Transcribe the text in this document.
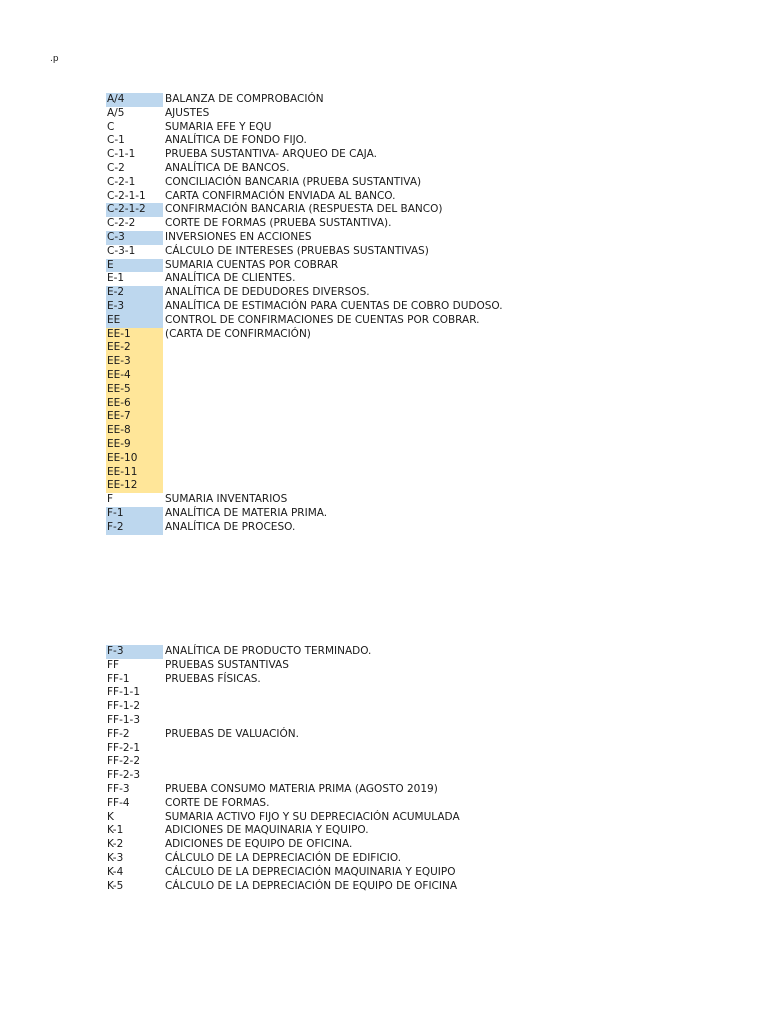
.p
A/4	BALANZA DE COMPROBACIÓN
A/5	AJUSTES
C	SUMARIA EFE Y EQU
C-1	ANALÍTICA DE FONDO FIJO.
C-1-1	PRUEBA SUSTANTIVA- ARQUEO DE CAJA.
C-2	ANALÍTICA DE BANCOS.
C-2-1	CONCILIACIÓN BANCARIA (PRUEBA SUSTANTIVA)
C-2-1-1	CARTA CONFIRMACIÓN ENVIADA AL BANCO.
C-2-1-2	CONFIRMACIÓN BANCARIA (RESPUESTA DEL BANCO)
C-2-2	CORTE DE FORMAS (PRUEBA SUSTANTIVA).
C-3	INVERSIONES EN ACCIONES
C-3-1	CÁLCULO DE INTERESES (PRUEBAS SUSTANTIVAS)
E	SUMARIA CUENTAS POR COBRAR
E-1	ANALÍTICA DE CLIENTES.
E-2	ANALÍTICA DE DEDUDORES DIVERSOS.
E-3	ANALÍTICA DE ESTIMACIÓN PARA CUENTAS DE COBRO DUDOSO.
EE	CONTROL DE CONFIRMACIONES DE CUENTAS POR COBRAR.
EE-1	(CARTA DE CONFIRMACIÓN)
EE-2
EE-3
EE-4
EE-5
EE-6
EE-7
EE-8
EE-9
EE-10
EE-11
EE-12
F	SUMARIA INVENTARIOS
F-1	ANALÍTICA DE MATERIA PRIMA.
F-2	ANALÍTICA DE PROCESO.
F-3	ANALÍTICA DE PRODUCTO TERMINADO.
FF	PRUEBAS SUSTANTIVAS
FF-1	PRUEBAS FÍSICAS.
FF-1-1
FF-1-2
FF-1-3
FF-2	PRUEBAS DE VALUACIÓN.
FF-2-1
FF-2-2
FF-2-3
FF-3	PRUEBA CONSUMO MATERIA PRIMA (AGOSTO 2019)
FF-4	CORTE DE FORMAS.
K	SUMARIA ACTIVO FIJO Y SU DEPRECIACIÓN ACUMULADA
K-1	ADICIONES DE MAQUINARIA Y EQUIPO.
K-2	ADICIONES DE EQUIPO DE OFICINA.
K-3	CÁLCULO DE LA DEPRECIACIÓN DE EDIFICIO.
K-4	CÁLCULO DE LA DEPRECIACIÓN MAQUINARIA Y EQUIPO
K-5	CÁLCULO DE LA DEPRECIACIÓN DE EQUIPO DE OFICINA
